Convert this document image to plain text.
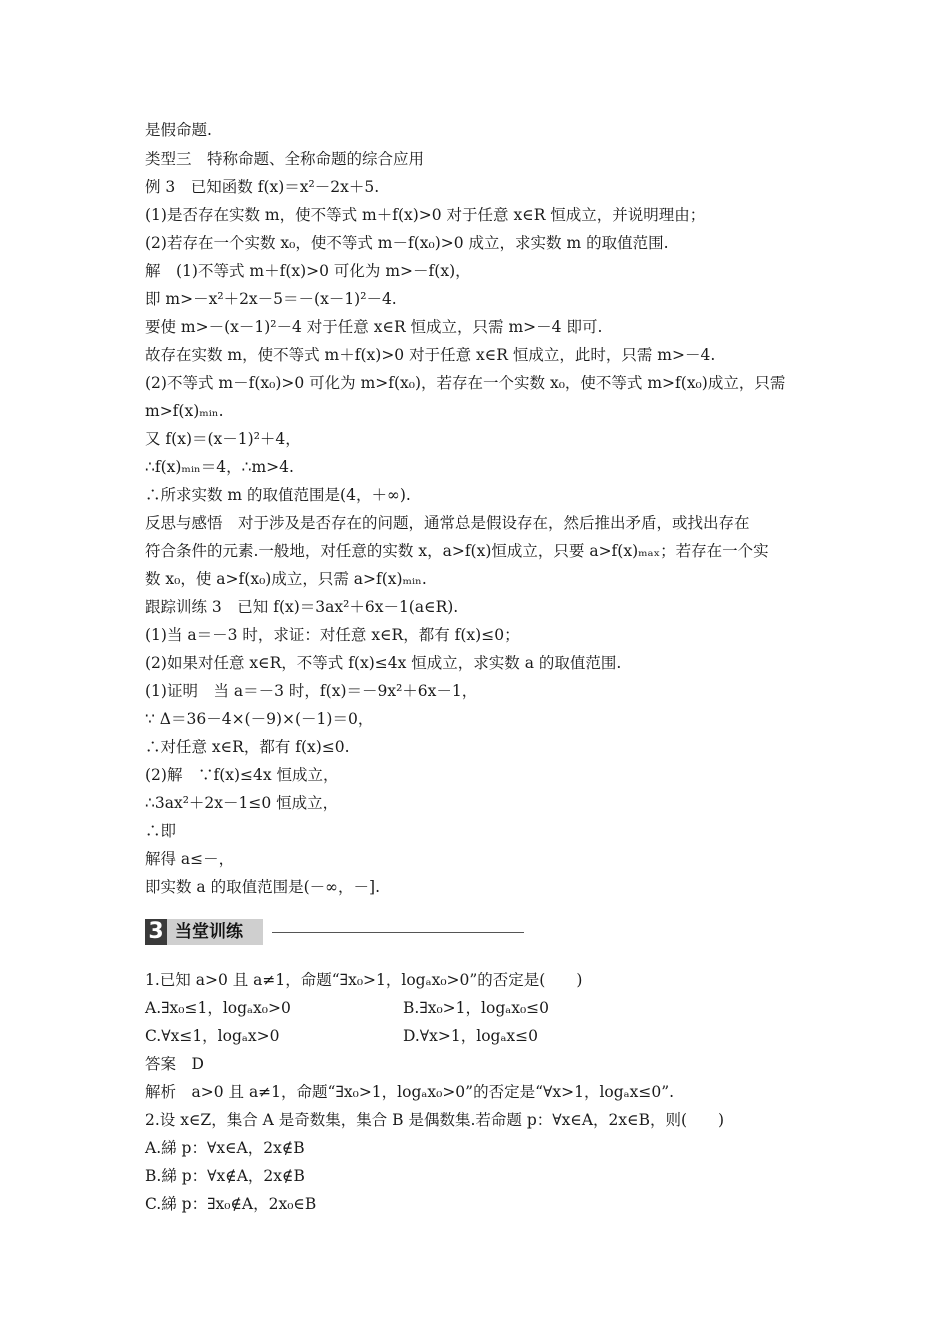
是假命题.
类型三　特称命题、全称命题的综合应用
例 3　已知函数 f(x)＝x²－2x＋5.
(1)是否存在实数 m，使不等式 m＋f(x)>0 对于任意 x∈R 恒成立，并说明理由；
(2)若存在一个实数 x₀，使不等式 m－f(x₀)>0 成立，求实数 m 的取值范围.
解　(1)不等式 m＋f(x)>0 可化为 m>－f(x)，
即 m>－x²＋2x－5＝－(x－1)²－4.
要使 m>－(x－1)²－4 对于任意 x∈R 恒成立，只需 m>－4 即可.
故存在实数 m，使不等式 m＋f(x)>0 对于任意 x∈R 恒成立，此时，只需 m>－4.
(2)不等式 m－f(x₀)>0 可化为 m>f(x₀)，若存在一个实数 x₀，使不等式 m>f(x₀)成立，只需
m>f(x)ₘᵢₙ.
又 f(x)＝(x－1)²＋4，
∴f(x)ₘᵢₙ＝4，∴m>4.
∴所求实数 m 的取值范围是(4，＋∞).
反思与感悟　对于涉及是否存在的问题，通常总是假设存在，然后推出矛盾，或找出存在
符合条件的元素.一般地，对任意的实数 x，a>f(x)恒成立，只要 a>f(x)ₘₐₓ；若存在一个实
数 x₀，使 a>f(x₀)成立，只需 a>f(x)ₘᵢₙ.
跟踪训练 3　已知 f(x)＝3ax²＋6x－1(a∈R).
(1)当 a＝－3 时，求证：对任意 x∈R，都有 f(x)≤0；
(2)如果对任意 x∈R，不等式 f(x)≤4x 恒成立，求实数 a 的取值范围.
(1)证明　当 a＝－3 时，f(x)＝－9x²＋6x－1，
∵ Δ＝36－4×(－9)×(－1)＝0，
∴对任意 x∈R，都有 f(x)≤0.
(2)解　∵f(x)≤4x 恒成立，
∴3ax²＋2x－1≤0 恒成立，
∴即
解得 a≤－，
即实数 a 的取值范围是(－∞，－].
3 当堂训练
1.已知 a>0 且 a≠1，命题“∃x₀>1，logₐx₀>0”的否定是(　　)
A.∃x₀≤1，logₐx₀>0	B.∃x₀>1，logₐx₀≤0
C.∀x≤1，logₐx>0	D.∀x>1，logₐx≤0
答案　D
解析　a>0 且 a≠1，命题“∃x₀>1，logₐx₀>0”的否定是“∀x>1，logₐx≤0”.
2.设 x∈Z，集合 A 是奇数集，集合 B 是偶数集.若命题 p：∀x∈A，2x∈B，则(　　)
A.綈 p：∀x∈A，2x∉B
B.綈 p：∀x∉A，2x∉B
C.綈 p：∃x₀∉A，2x₀∈B
